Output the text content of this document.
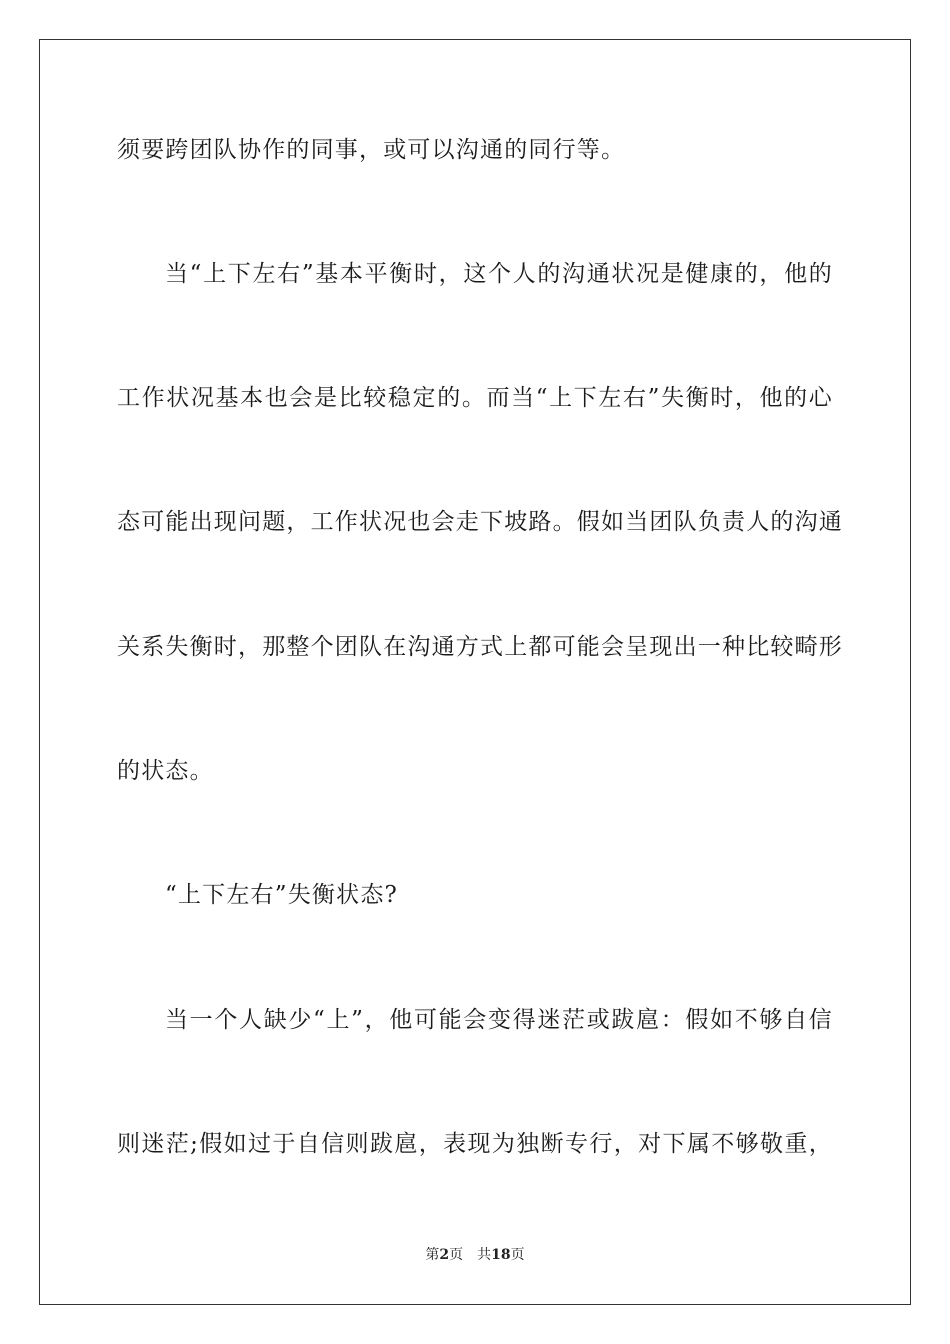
须要跨团队协作的同事，或可以沟通的同行等。
当“上下左右”基本平衡时，这个人的沟通状况是健康的，他的
工作状况基本也会是比较稳定的。而当“上下左右”失衡时，他的心
态可能出现问题，工作状况也会走下坡路。假如当团队负责人的沟通
关系失衡时，那整个团队在沟通方式上都可能会呈现出一种比较畸形
的状态。
“上下左右”失衡状态?
当一个人缺少“上”，他可能会变得迷茫或跋扈：假如不够自信
则迷茫;假如过于自信则跋扈，表现为独断专行，对下属不够敬重，
第2页 共18页
